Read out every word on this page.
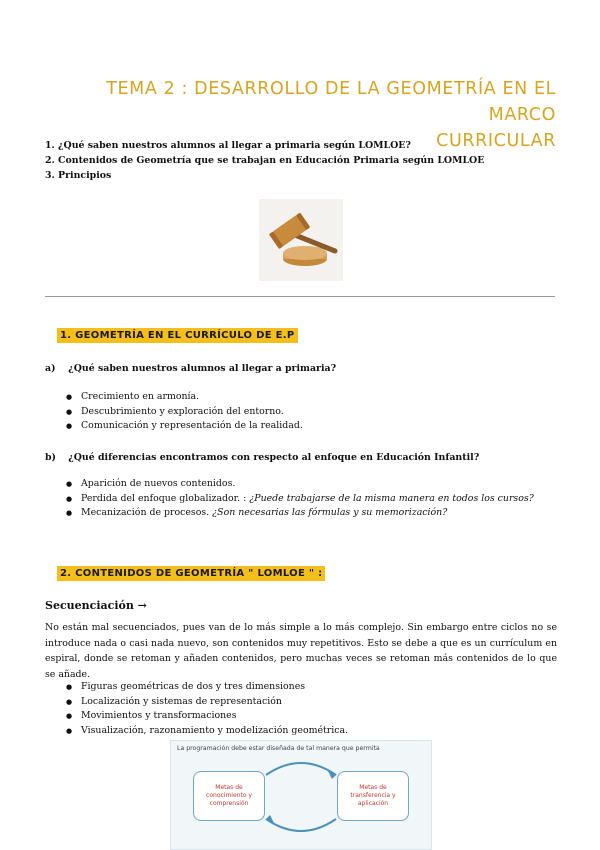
TEMA 2 : DESARROLLO DE LA GEOMETRÍA EN EL MARCO
CURRICULAR
1. ¿Qué saben nuestros alumnos al llegar a primaria según LOMLOE?
2. Contenidos de Geometría que se trabajan en Educación Primaria según LOMLOE
3. Principios
1. GEOMETRÍA EN EL CURRÍCULO DE E.P
a) ¿Qué saben nuestros alumnos al llegar a primaria?
● Crecimiento en armonía.
● Descubrimiento y exploración del entorno.
● Comunicación y representación de la realidad.
b) ¿Qué diferencias encontramos con respecto al enfoque en Educación Infantil?
● Aparición de nuevos contenidos.
● Perdida del enfoque globalizador. : ¿Puede trabajarse de la misma manera en todos los cursos?
● Mecanización de procesos. ¿Son necesarias las fórmulas y su memorización?
2. CONTENIDOS DE GEOMETRÍA " LOMLOE " :
Secuenciación →
No están mal secuenciados, pues van de lo más simple a lo más complejo. Sin embargo entre ciclos no se introduce nada o casi nada nuevo, son contenidos muy repetitivos. Esto se debe a que es un currículum en espiral, donde se retoman y añaden contenidos, pero muchas veces se retoman más contenidos de lo que se añade.
● Figuras geométricas de dos y tres dimensiones
● Localización y sistemas de representación
● Movimientos y transformaciones
● Visualización, razonamiento y modelización geométrica.
La programación debe estar diseñada de tal manera que permita
Metas de conocimiento y comprensión
Metas de transferencia y aplicación
